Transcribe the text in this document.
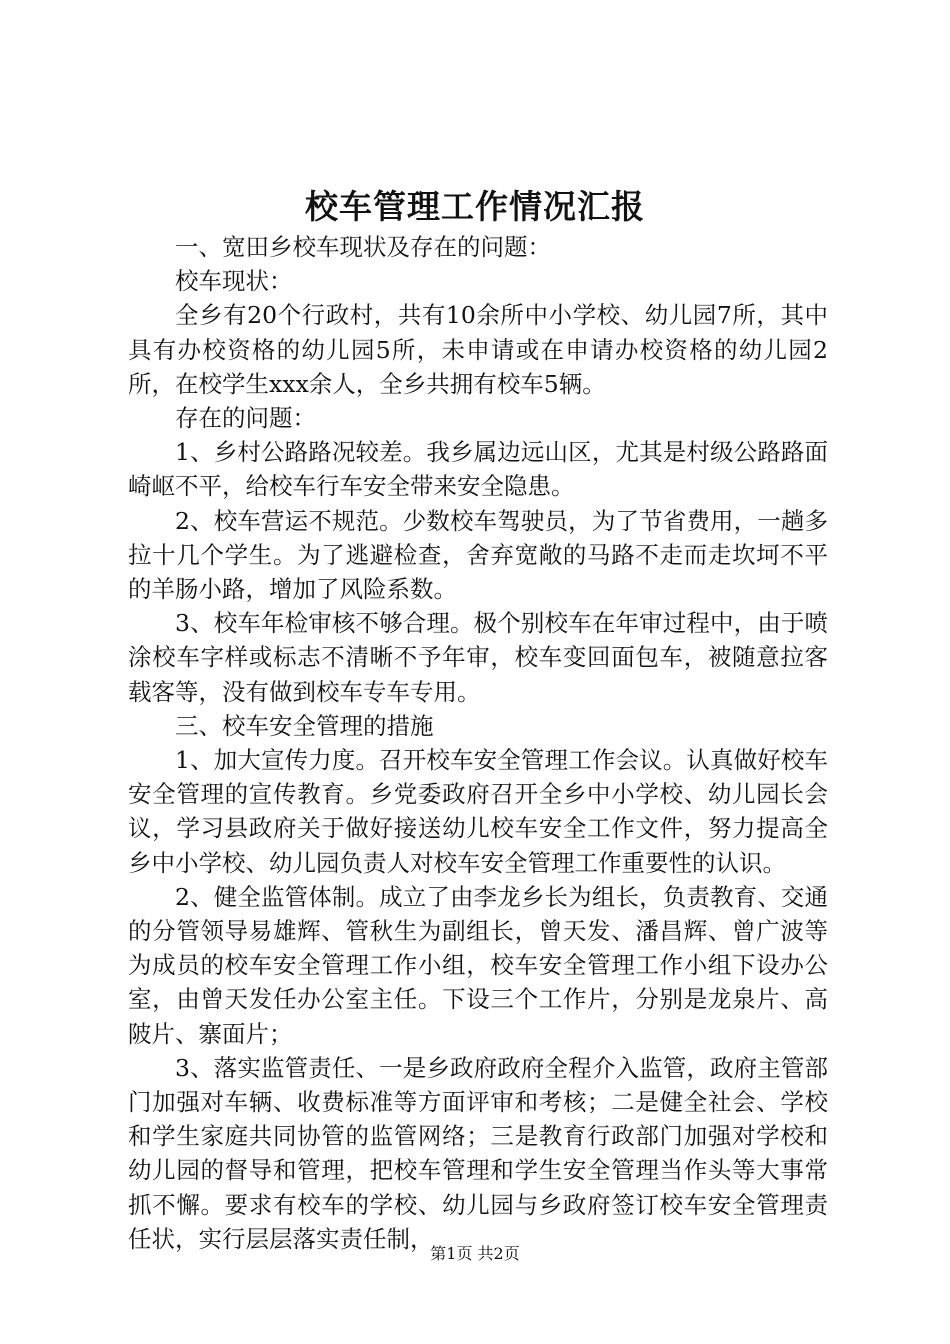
校车管理工作情况汇报

一、宽田乡校车现状及存在的问题：

校车现状：

全乡有20个行政村，共有10余所中小学校、幼儿园7所，其中具有办校资格的幼儿园5所，未申请或在申请办校资格的幼儿园2所，在校学生xxx余人，全乡共拥有校车5辆。

存在的问题：

1、乡村公路路况较差。我乡属边远山区，尤其是村级公路路面崎岖不平，给校车行车安全带来安全隐患。

2、校车营运不规范。少数校车驾驶员，为了节省费用，一趟多拉十几个学生。为了逃避检查，舍弃宽敞的马路不走而走坎坷不平的羊肠小路，增加了风险系数。

3、校车年检审核不够合理。极个别校车在年审过程中，由于喷涂校车字样或标志不清晰不予年审，校车变回面包车，被随意拉客载客等，没有做到校车专车专用。

三、校车安全管理的措施

1、加大宣传力度。召开校车安全管理工作会议。认真做好校车安全管理的宣传教育。乡党委政府召开全乡中小学校、幼儿园长会议，学习县政府关于做好接送幼儿校车安全工作文件，努力提高全乡中小学校、幼儿园负责人对校车安全管理工作重要性的认识。

2、健全监管体制。成立了由李龙乡长为组长，负责教育、交通的分管领导易雄辉、管秋生为副组长，曾天发、潘昌辉、曾广波等为成员的校车安全管理工作小组，校车安全管理工作小组下设办公室，由曾天发任办公室主任。下设三个工作片，分别是龙泉片、高陂片、寨面片；

3、落实监管责任、一是乡政府政府全程介入监管，政府主管部门加强对车辆、收费标准等方面评审和考核；二是健全社会、学校和学生家庭共同协管的监管网络；三是教育行政部门加强对学校和幼儿园的督导和管理，把校车管理和学生安全管理当作头等大事常抓不懈。要求有校车的学校、幼儿园与乡政府签订校车安全管理责任状，实行层层落实责任制，

第1页 共2页
